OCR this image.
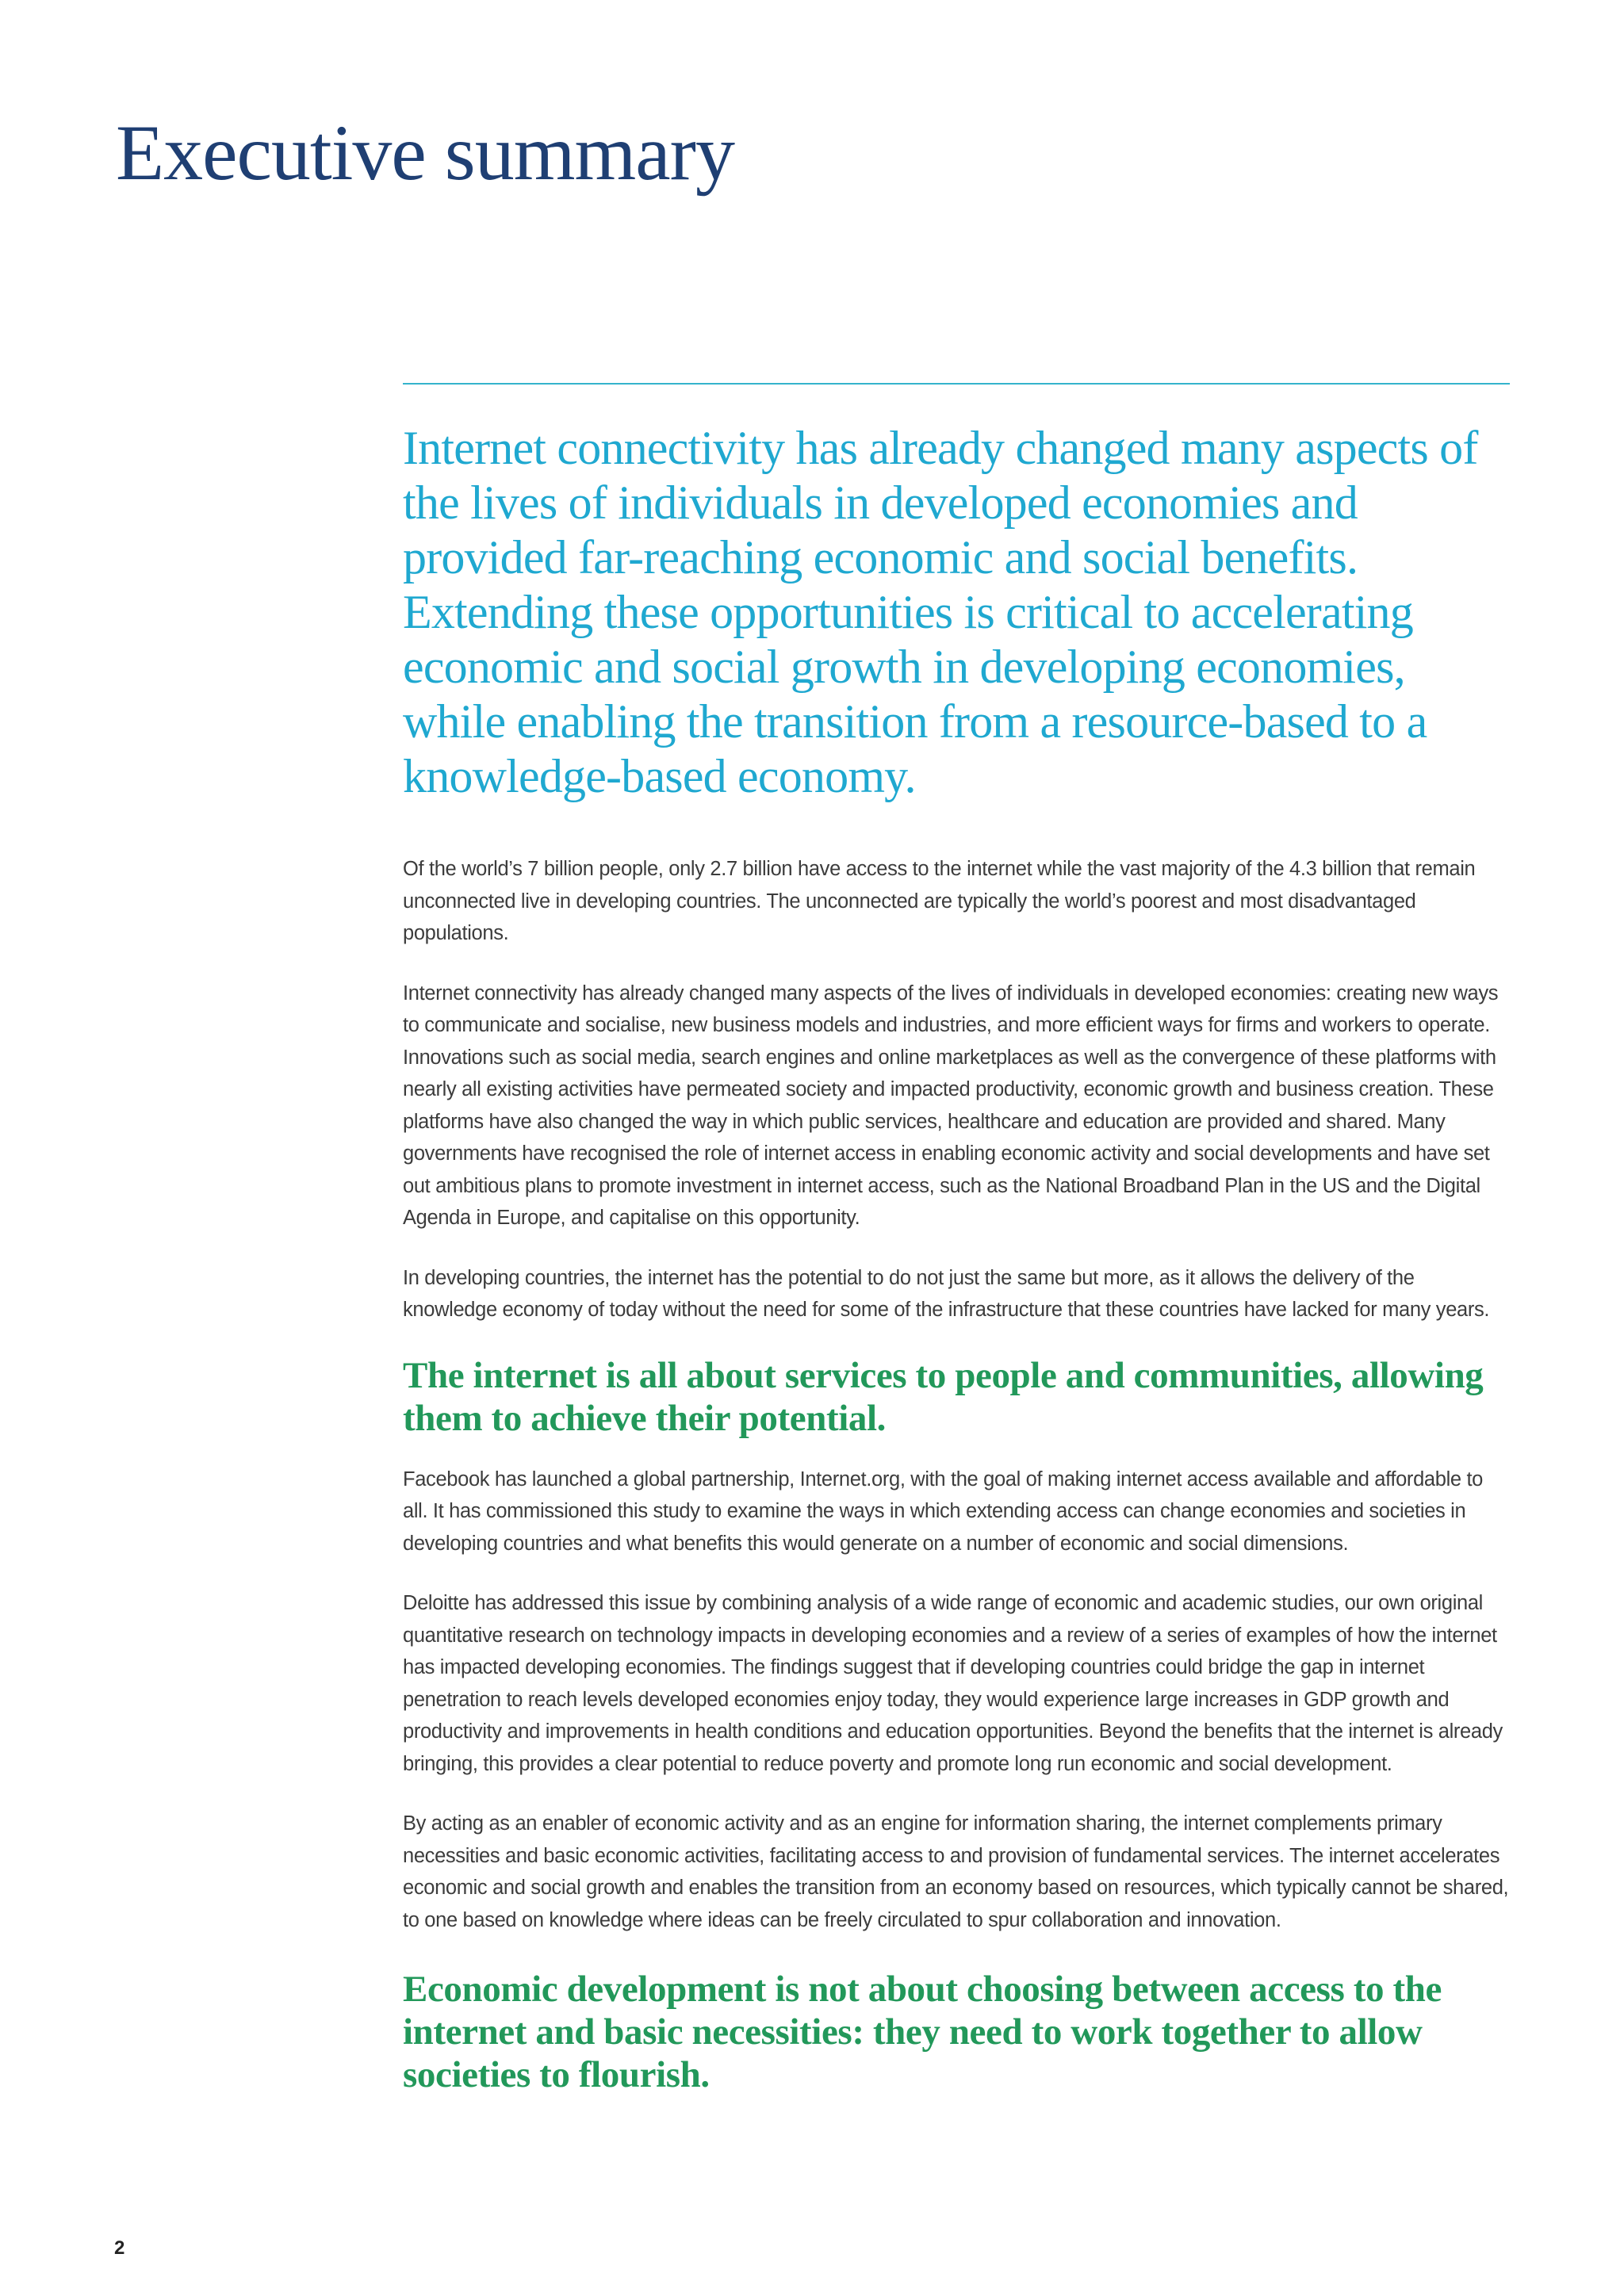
Executive summary

Internet connectivity has already changed many aspects of the lives of individuals in developed economies and provided far-reaching economic and social benefits. Extending these opportunities is critical to accelerating economic and social growth in developing economies, while enabling the transition from a resource-based to a knowledge-based economy.

Of the world’s 7 billion people, only 2.7 billion have access to the internet while the vast majority of the 4.3 billion that remain unconnected live in developing countries. The unconnected are typically the world’s poorest and most disadvantaged populations.

Internet connectivity has already changed many aspects of the lives of individuals in developed economies: creating new ways to communicate and socialise, new business models and industries, and more efficient ways for firms and workers to operate. Innovations such as social media, search engines and online marketplaces as well as the convergence of these platforms with nearly all existing activities have permeated society and impacted productivity, economic growth and business creation. These platforms have also changed the way in which public services, healthcare and education are provided and shared. Many governments have recognised the role of internet access in enabling economic activity and social developments and have set out ambitious plans to promote investment in internet access, such as the National Broadband Plan in the US and the Digital Agenda in Europe, and capitalise on this opportunity.

In developing countries, the internet has the potential to do not just the same but more, as it allows the delivery of the knowledge economy of today without the need for some of the infrastructure that these countries have lacked for many years.

The internet is all about services to people and communities, allowing them to achieve their potential.

Facebook has launched a global partnership, Internet.org, with the goal of making internet access available and affordable to all. It has commissioned this study to examine the ways in which extending access can change economies and societies in developing countries and what benefits this would generate on a number of economic and social dimensions.

Deloitte has addressed this issue by combining analysis of a wide range of economic and academic studies, our own original quantitative research on technology impacts in developing economies and a review of a series of examples of how the internet has impacted developing economies. The findings suggest that if developing countries could bridge the gap in internet penetration to reach levels developed economies enjoy today, they would experience large increases in GDP growth and productivity and improvements in health conditions and education opportunities. Beyond the benefits that the internet is already bringing, this provides a clear potential to reduce poverty and promote long run economic and social development.

By acting as an enabler of economic activity and as an engine for information sharing, the internet complements primary necessities and basic economic activities, facilitating access to and provision of fundamental services. The internet accelerates economic and social growth and enables the transition from an economy based on resources, which typically cannot be shared, to one based on knowledge where ideas can be freely circulated to spur collaboration and innovation.

Economic development is not about choosing between access to the internet and basic necessities: they need to work together to allow societies to flourish.
2
